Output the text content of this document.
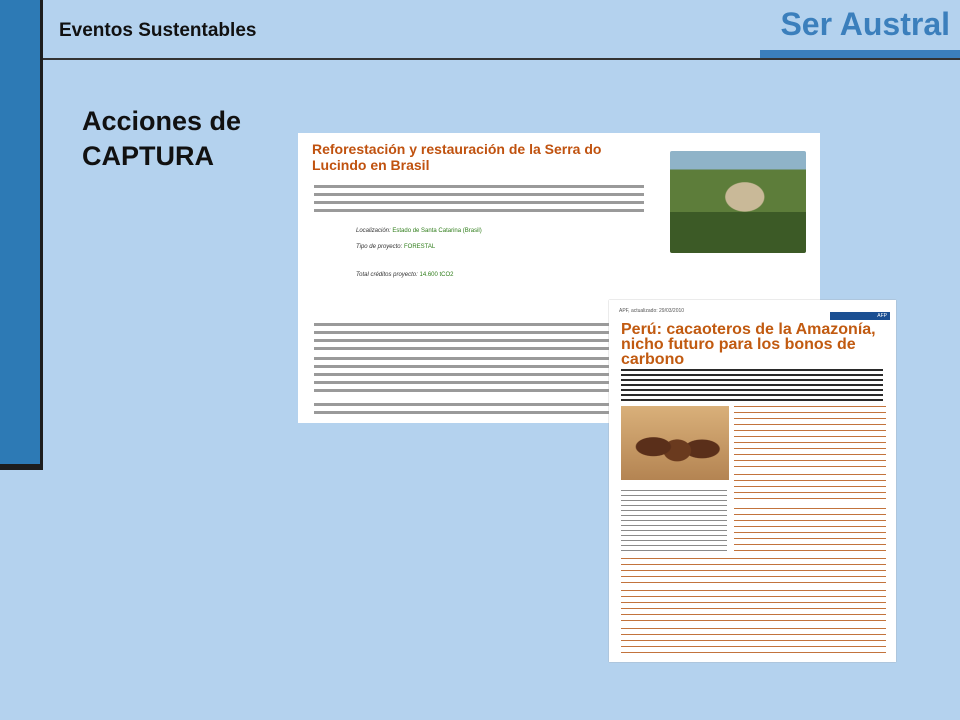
Eventos Sustentables	Ser Austral
Acciones de
CAPTURA	Reforestación y restauración de la Serra do Lucindo en Brasil
Localización: Estado de Santa Catarina (Brasil)
Tipo de proyecto: FORESTAL
Total créditos proyecto: 14.600 tCO2
APF, actualizado: 29/03/2010
AFP
Perú: cacaoteros de la Amazonía, nicho futuro para los bonos de carbono
